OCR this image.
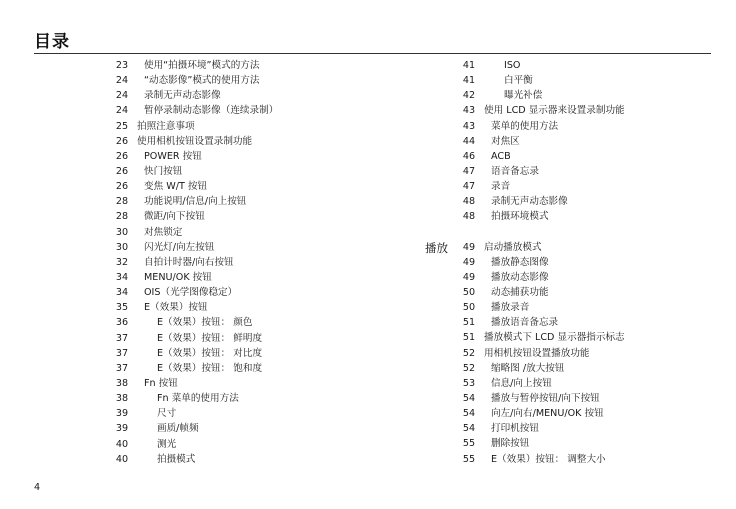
目录
23	使用“拍摄环境”模式的方法
24	“动态影像”模式的使用方法
24	录制无声动态影像
24	暂停录制动态影像（连续录制）
25 拍照注意事项
26 使用相机按钮设置录制功能
26	POWER 按钮
26	快门按钮
26	变焦 W/T 按钮
28	功能说明/信息/向上按钮
28	微距/向下按钮
30	对焦锁定
30	闪光灯/向左按钮
32	自拍计时器/向右按钮
34	MENU/OK 按钮
34	OIS（光学图像稳定）
35	E（效果）按钮
36	E（效果）按钮： 颜色
37	E（效果）按钮： 鲜明度
37	E（效果）按钮： 对比度
37	E（效果）按钮： 饱和度
38	Fn 按钮
38	Fn 菜单的使用方法
39	尺寸
39	画质/帧频
40	测光
40	拍摄模式
播放
41	ISO
41	白平衡
42	曝光补偿
43 使用 LCD 显示器来设置录制功能
43	菜单的使用方法
44	对焦区
46	ACB
47	语音备忘录
47	录音
48	录制无声动态影像
48	拍摄环境模式
49 启动播放模式
49	播放静态图像
49	播放动态影像
50	动态捕获功能
50	播放录音
51	播放语音备忘录
51 播放模式下 LCD 显示器指示标志
52 用相机按钮设置播放功能
52	缩略图 /放大按钮
53	信息/向上按钮
54	播放与暂停按钮/向下按钮
54	向左/向右/MENU/OK 按钮
54	打印机按钮
55	删除按钮
55	E（效果）按钮： 调整大小
4
